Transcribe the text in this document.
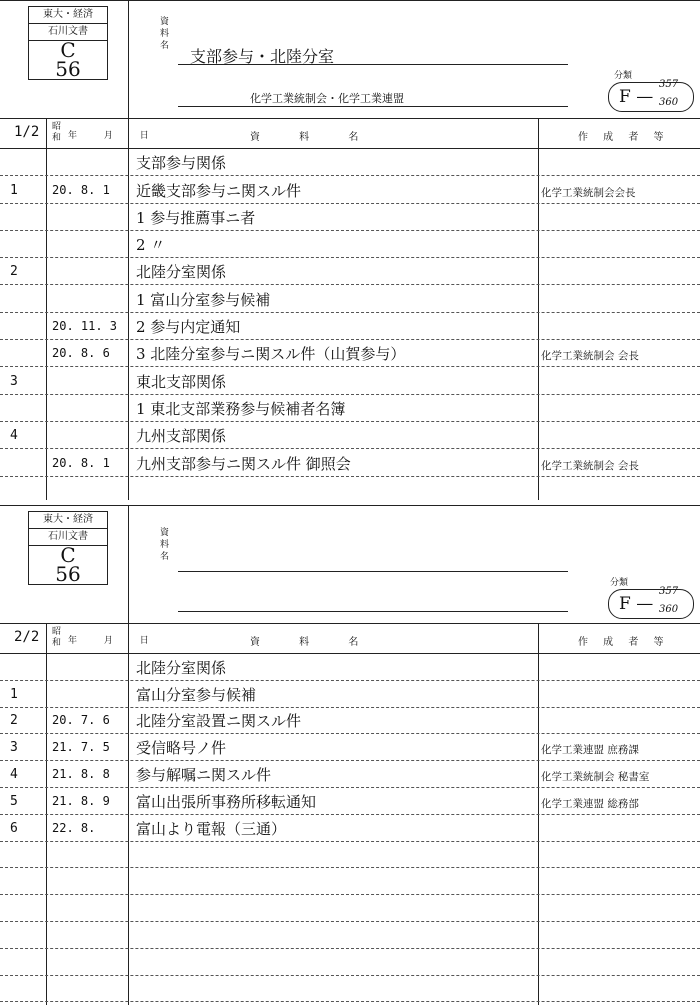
東大・経済
石川文書
C
56
資料名
支部参与・北陸分室
化学工業統制会・化学工業連盟
分類
F —
357
360
1/2 昭和 年 月 日	資 料 名	作 成 者 等
支部参与関係
1	20. 8. 1 近畿支部参与ニ関スル件	化学工業統制会会長
1 参与推薦事ニ者
2 〃
2	北陸分室関係
1 富山分室参与候補
20. 11. 3 2 参与内定通知
20. 8. 6 3 北陸分室参与ニ関スル件（山賀参与）	化学工業統制会 会長
3	東北支部関係
1 東北支部業務参与候補者名簿
4	九州支部関係
20. 8. 1 九州支部参与ニ関スル件 御照会	化学工業統制会 会長
東大・経済
石川文書
C
56
資料名
分類
F —
357
360
2/2 昭和 年 月 日	資 料 名	作 成 者 等
北陸分室関係
1	富山分室参与候補
2	20. 7. 6 北陸分室設置ニ関スル件
3	21. 7. 5 受信略号ノ件	化学工業連盟 庶務課
4	21. 8. 8 参与解嘱ニ関スル件	化学工業統制会 秘書室
5	21. 8. 9 富山出張所事務所移転通知	化学工業連盟 総務部
6	22. 8.	富山より電報（三通）
